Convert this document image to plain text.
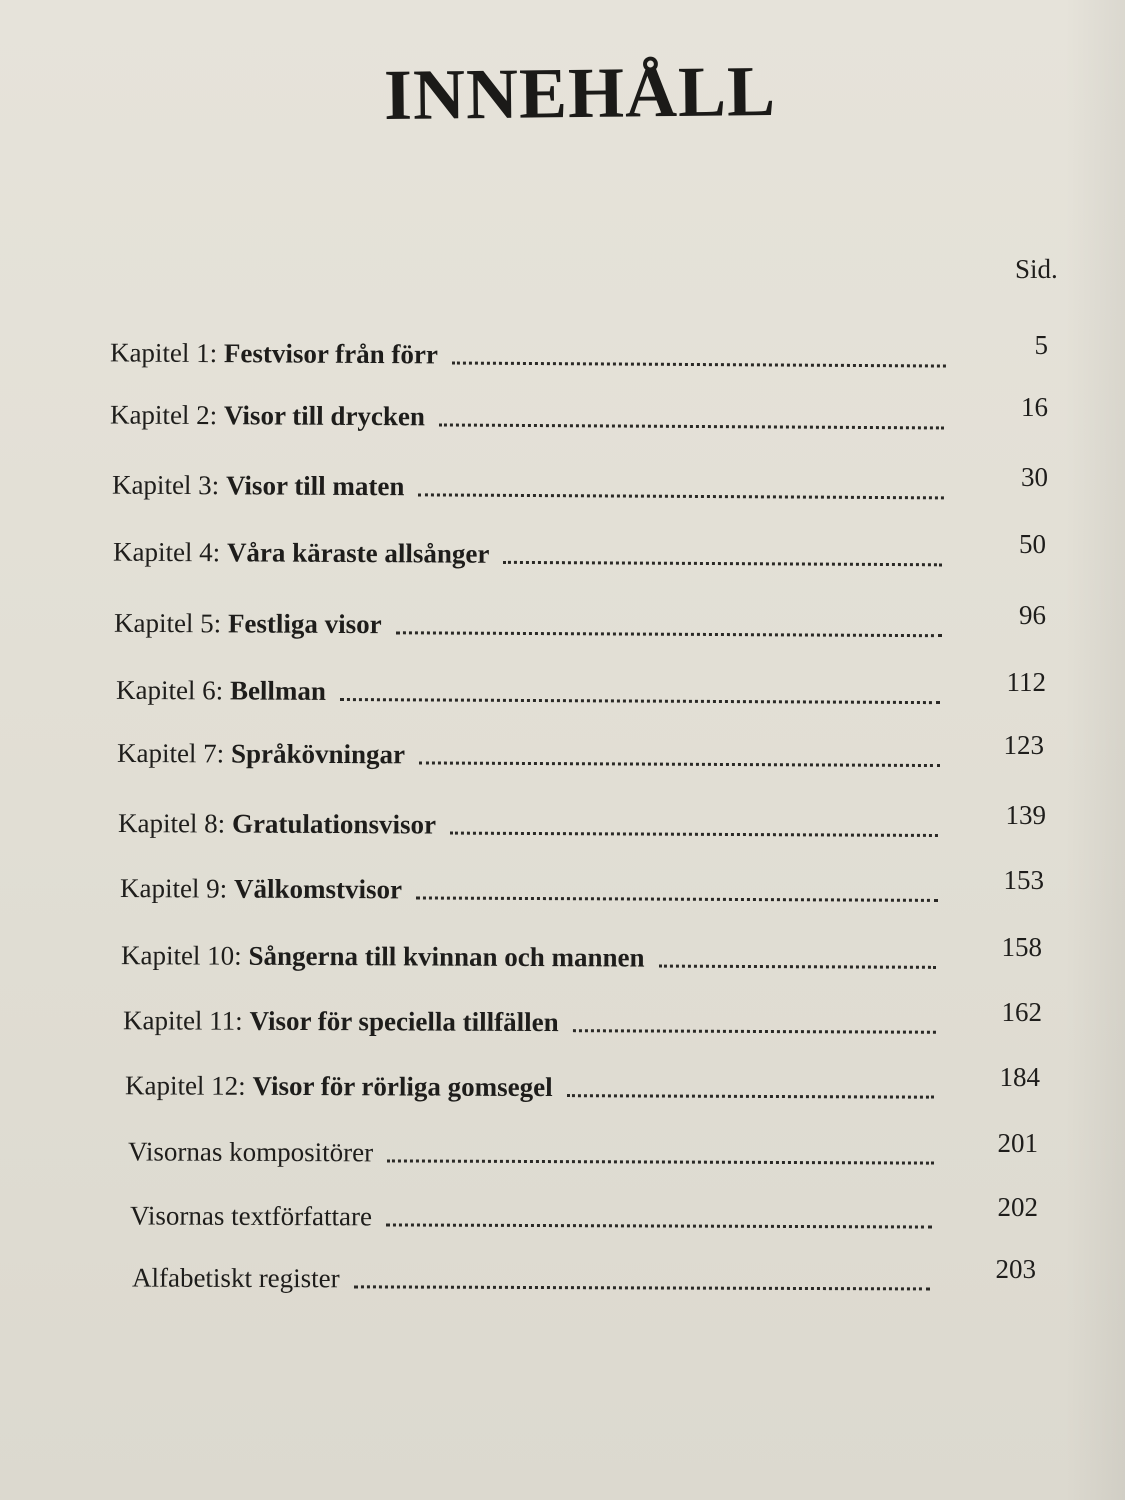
INNEHÅLL
Sid.
Kapitel 1: Festvisor från förr	5
Kapitel 2: Visor till drycken	16
Kapitel 3: Visor till maten	30
Kapitel 4: Våra käraste allsånger	50
Kapitel 5: Festliga visor	96
Kapitel 6: Bellman	112
Kapitel 7: Språkövningar	123
Kapitel 8: Gratulationsvisor	139
Kapitel 9: Välkomstvisor	153
Kapitel 10: Sångerna till kvinnan och mannen	158
Kapitel 11: Visor för speciella tillfällen	162
Kapitel 12: Visor för rörliga gomsegel	184
Visornas kompositörer	201
Visornas textförfattare	202
Alfabetiskt register	203
